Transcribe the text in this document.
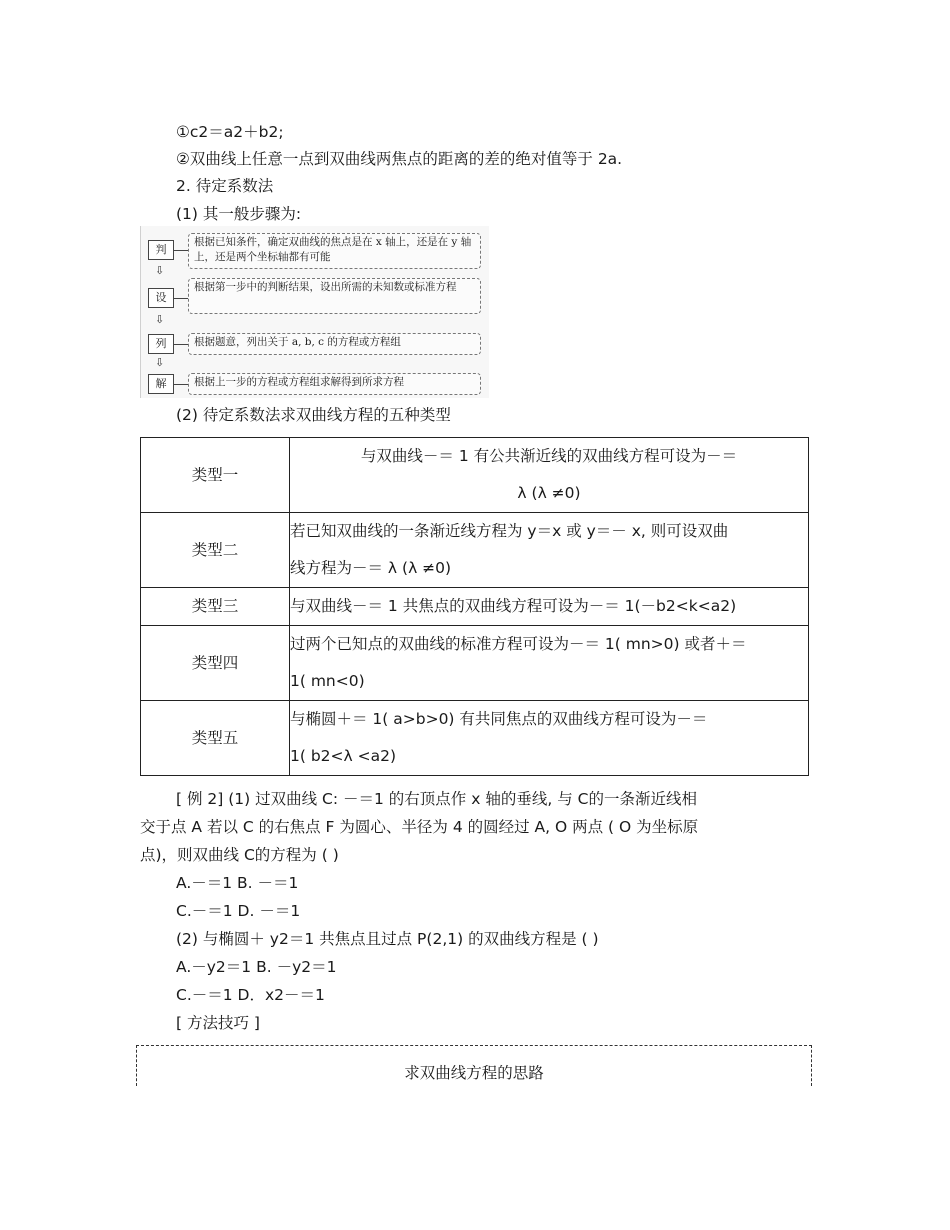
①c2＝a2＋b2;
②双曲线上任意一点到双曲线两焦点的距离的差的绝对值等于 2a.
2. 待定系数法
(1) 其一般步骤为:
判
根据已知条件，确定双曲线的焦点是在 x 轴上，还是在 y 轴上，还是两个坐标轴都有可能
⇩
设
根据第一步中的判断结果，设出所需的未知数或标准方程
⇩
列	根据题意，列出关于 a, b, c 的方程或方程组
⇩
解	根据上一步的方程或方程组求解得到所求方程
(2) 待定系数法求双曲线方程的五种类型
类型一	与双曲线－＝ 1 有公共渐近线的双曲线方程可设为－＝
λ (λ ≠0)

类型二	若已知双曲线的一条渐近线方程为 y＝x 或 y＝－ x, 则可设双曲
线方程为－＝ λ (λ ≠0)

类型三	与双曲线－＝ 1 共焦点的双曲线方程可设为－＝ 1(－b2<k<a2)

类型四	过两个已知点的双曲线的标准方程可设为－＝ 1( mn>0) 或者＋＝
1( mn<0)

类型五	与椭圆＋＝ 1( a>b>0) 有共同焦点的双曲线方程可设为－＝
1( b2<λ <a2)
[ 例 2] (1) 过双曲线 C: －＝1 的右顶点作 x 轴的垂线, 与 C的一条渐近线相
交于点 A 若以 C 的右焦点 F 为圆心、半径为 4 的圆经过 A, O 两点 ( O 为坐标原
点)，则双曲线 C的方程为 ( )
A.－＝1 B. －＝1
C.－＝1 D. －＝1
(2) 与椭圆＋ y2＝1 共焦点且过点 P(2,1) 的双曲线方程是 ( )
A.－y2＝1 B. －y2＝1
C.－＝1 D．x2－＝1
[ 方法技巧 ]
求双曲线方程的思路
